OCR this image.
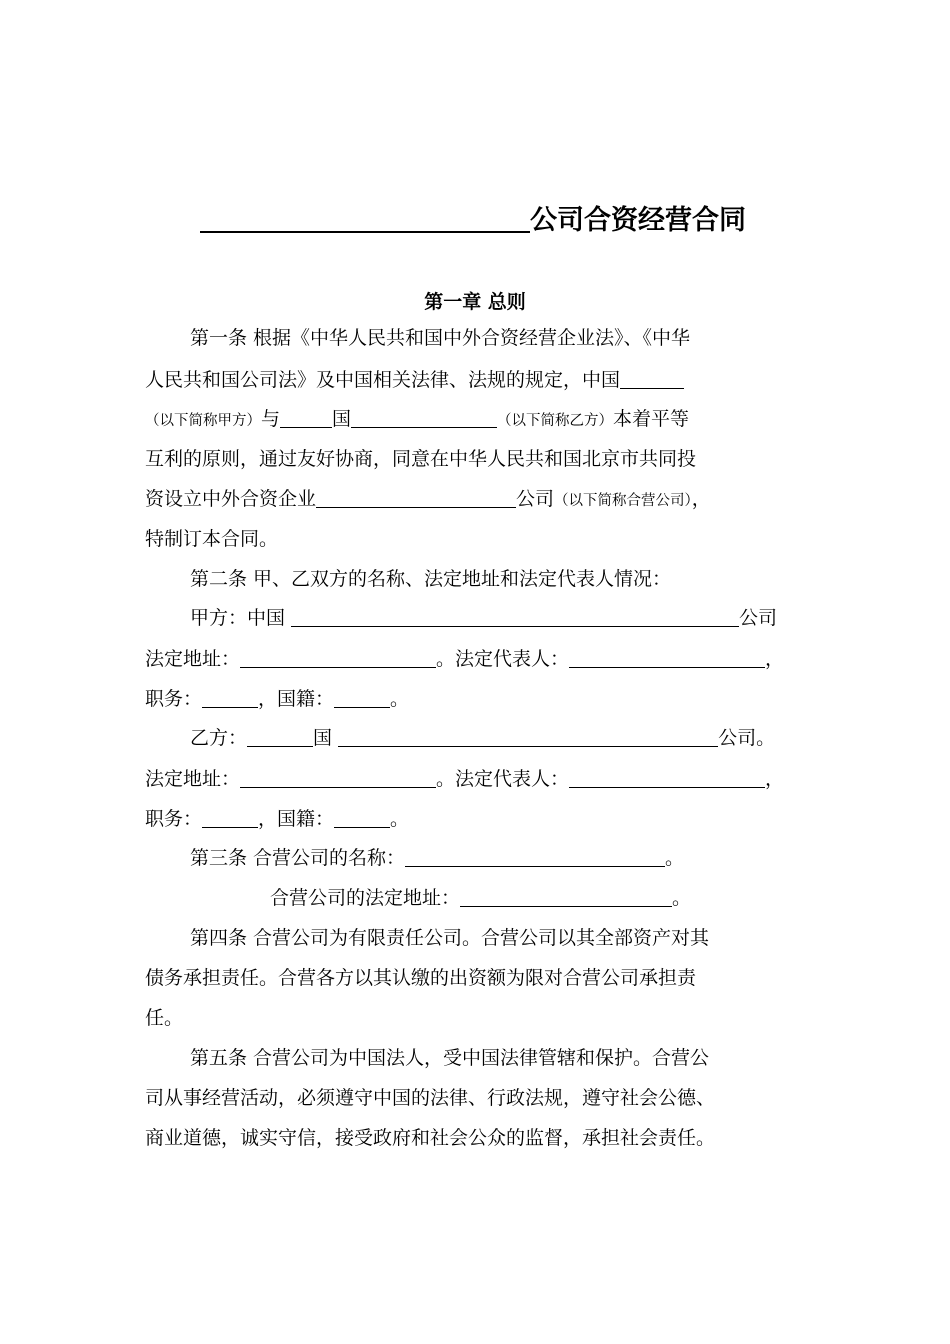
公司合资经营合同
第一章 总则
第一条 根据《中华人民共和国中外合资经营企业法》、《中华
人民共和国公司法》及中国相关法律、法规的规定，中国
（以下简称甲方）与	国	（以下简称乙方）本着平等
互利的原则，通过友好协商，同意在中华人民共和国北京市共同投
资设立中外合资企业	公司（以下简称合营公司），
特制订本合同。
第二条 甲、乙双方的名称、法定地址和法定代表人情况：
甲方：中国	公司
法定地址：	。法定代表人：	，
职务：	，国籍：	。
乙方：	国	公司。
法定地址：	。法定代表人：	，
职务：	，国籍：	。
第三条 合营公司的名称：	。
合营公司的法定地址：	。
第四条 合营公司为有限责任公司。合营公司以其全部资产对其
债务承担责任。合营各方以其认缴的出资额为限对合营公司承担责
任。
第五条 合营公司为中国法人，受中国法律管辖和保护。合营公
司从事经营活动，必须遵守中国的法律、行政法规，遵守社会公德、
商业道德，诚实守信，接受政府和社会公众的监督，承担社会责任。
